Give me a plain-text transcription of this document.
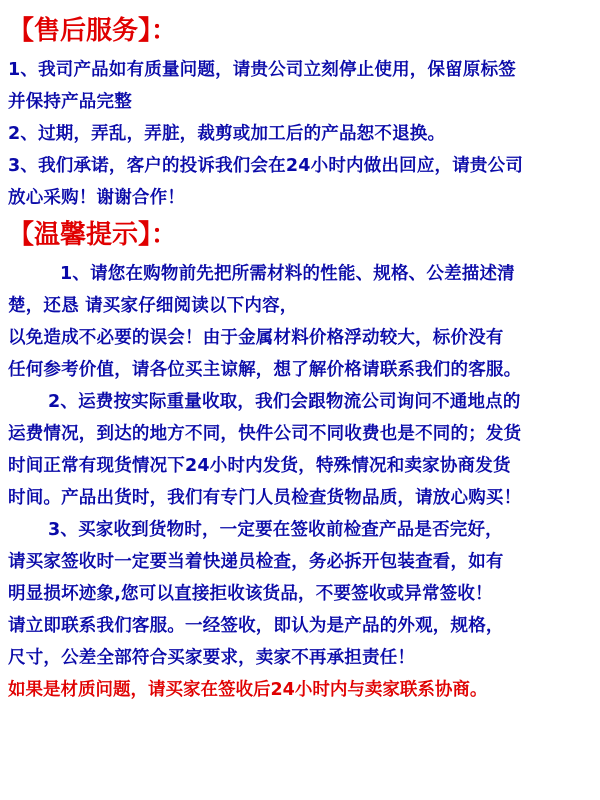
【售后服务】：

1、我司产品如有质量问题，请贵公司立刻停止使用，保留原标签
并保持产品完整

2、过期，弄乱，弄脏，裁剪或加工后的产品恕不退换。

3、我们承诺，客户的投诉我们会在24小时内做出回应，请贵公司
放心采购！谢谢合作！

【温馨提示】：

1、请您在购物前先把所需材料的性能、规格、公差描述清
楚，还恳 请买家仔细阅读以下内容，
以免造成不必要的误会！由于金属材料价格浮动较大，标价没有
任何参考价值，请各位买主谅解，想了解价格请联系我们的客服。

2、运费按实际重量收取，我们会跟物流公司询问不通地点的
运费情况，到达的地方不同，快件公司不同收费也是不同的；发货
时间正常有现货情况下24小时内发货，特殊情况和卖家协商发货
时间。产品出货时，我们有专门人员检查货物品质，请放心购买！

3、买家收到货物时，一定要在签收前检查产品是否完好，
请买家签收时一定要当着快递员检查，务必拆开包装查看，如有
明显损坏迹象,您可以直接拒收该货品，不要签收或异常签收！
请立即联系我们客服。一经签收，即认为是产品的外观，规格，
尺寸，公差全部符合买家要求，卖家不再承担责任！

如果是材质问题，请买家在签收后24小时内与卖家联系协商。
